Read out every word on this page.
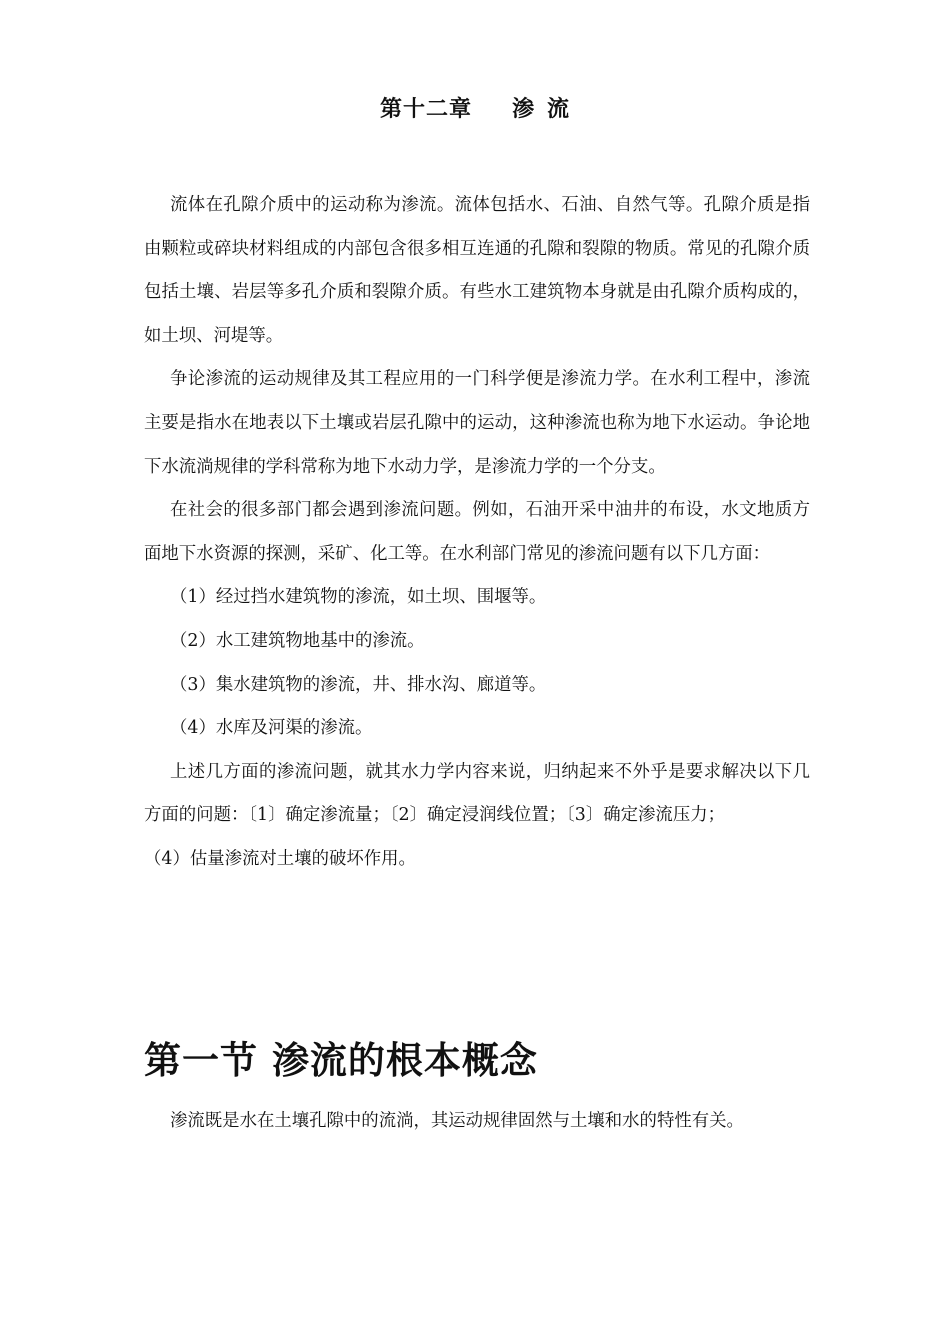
第十二章 渗 流

流体在孔隙介质中的运动称为渗流。流体包括水、石油、自然气等。孔隙介质是指由颗粒或碎块材料组成的内部包含很多相互连通的孔隙和裂隙的物质。常见的孔隙介质包括土壤、岩层等多孔介质和裂隙介质。有些水工建筑物本身就是由孔隙介质构成的，如土坝、河堤等。

争论渗流的运动规律及其工程应用的一门科学便是渗流力学。在水利工程中，渗流主要是指水在地表以下土壤或岩层孔隙中的运动，这种渗流也称为地下水运动。争论地下水流淌规律的学科常称为地下水动力学，是渗流力学的一个分支。

在社会的很多部门都会遇到渗流问题。例如，石油开采中油井的布设，水文地质方面地下水资源的探测，采矿、化工等。在水利部门常见的渗流问题有以下几方面：

（1）经过挡水建筑物的渗流，如土坝、围堰等。

（2）水工建筑物地基中的渗流。

（3）集水建筑物的渗流，井、排水沟、廊道等。

（4）水库及河渠的渗流。

上述几方面的渗流问题，就其水力学内容来说，归纳起来不外乎是要求解决以下几方面的问题：〔1〕确定渗流量；〔2〕确定浸润线位置；〔3〕确定渗流压力；

（4）估量渗流对土壤的破坏作用。

第一节 渗流的根本概念

渗流既是水在土壤孔隙中的流淌，其运动规律固然与土壤和水的特性有关。
